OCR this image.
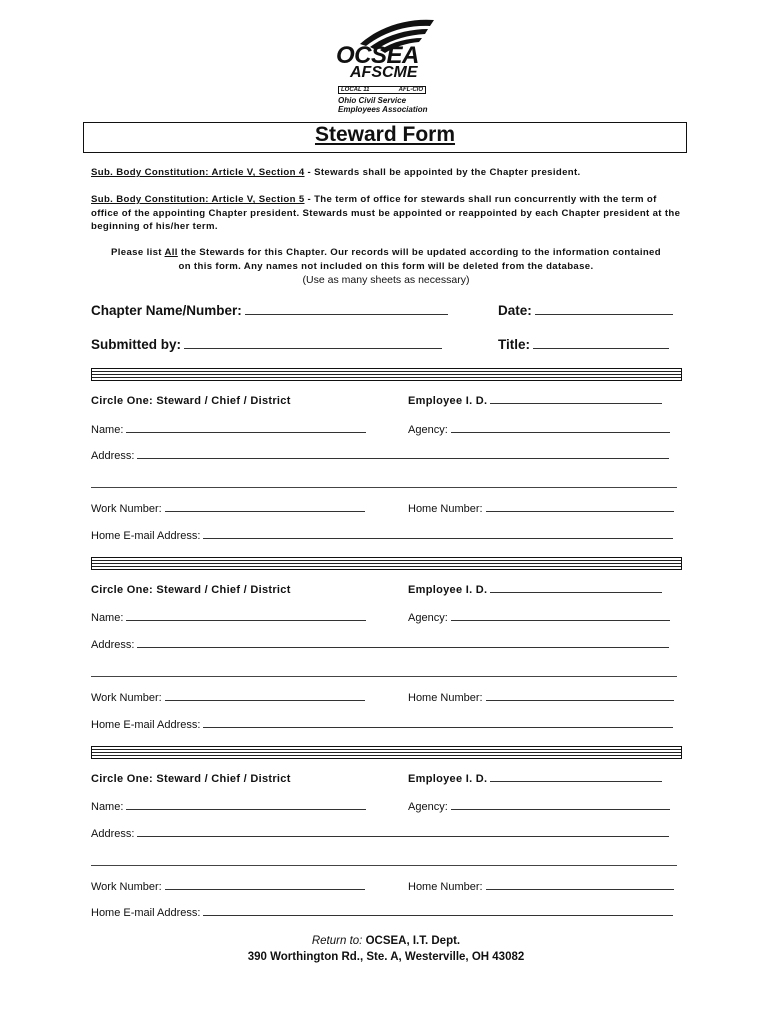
OCSEA
AFSCME
LOCAL 11	AFL-CIO
Ohio Civil Service
Employees Association
Steward Form
Sub. Body Constitution: Article V, Section 4 - Stewards shall be appointed by the Chapter president.
Sub. Body Constitution: Article V, Section 5 - The term of office for stewards shall run concurrently with the term of office of the appointing Chapter president. Stewards must be appointed or reappointed by each Chapter president at the beginning of his/her term.
Please list All the Stewards for this Chapter. Our records will be updated according to the information contained on this form. Any names not included on this form will be deleted from the database.
(Use as many sheets as necessary)
Chapter Name/Number:	Date:
Submitted by:	Title:
Circle One: Steward / Chief / District	Employee I. D.
Name:	Agency:
Address:
Work Number:	Home Number:
Home E-mail Address:
Circle One: Steward / Chief / District	Employee I. D.
Name:	Agency:
Address:
Work Number:	Home Number:
Home E-mail Address:
Circle One: Steward / Chief / District	Employee I. D.
Name:	Agency:
Address:
Work Number:	Home Number:
Home E-mail Address:
Return to: OCSEA, I.T. Dept.
390 Worthington Rd., Ste. A, Westerville, OH 43082
